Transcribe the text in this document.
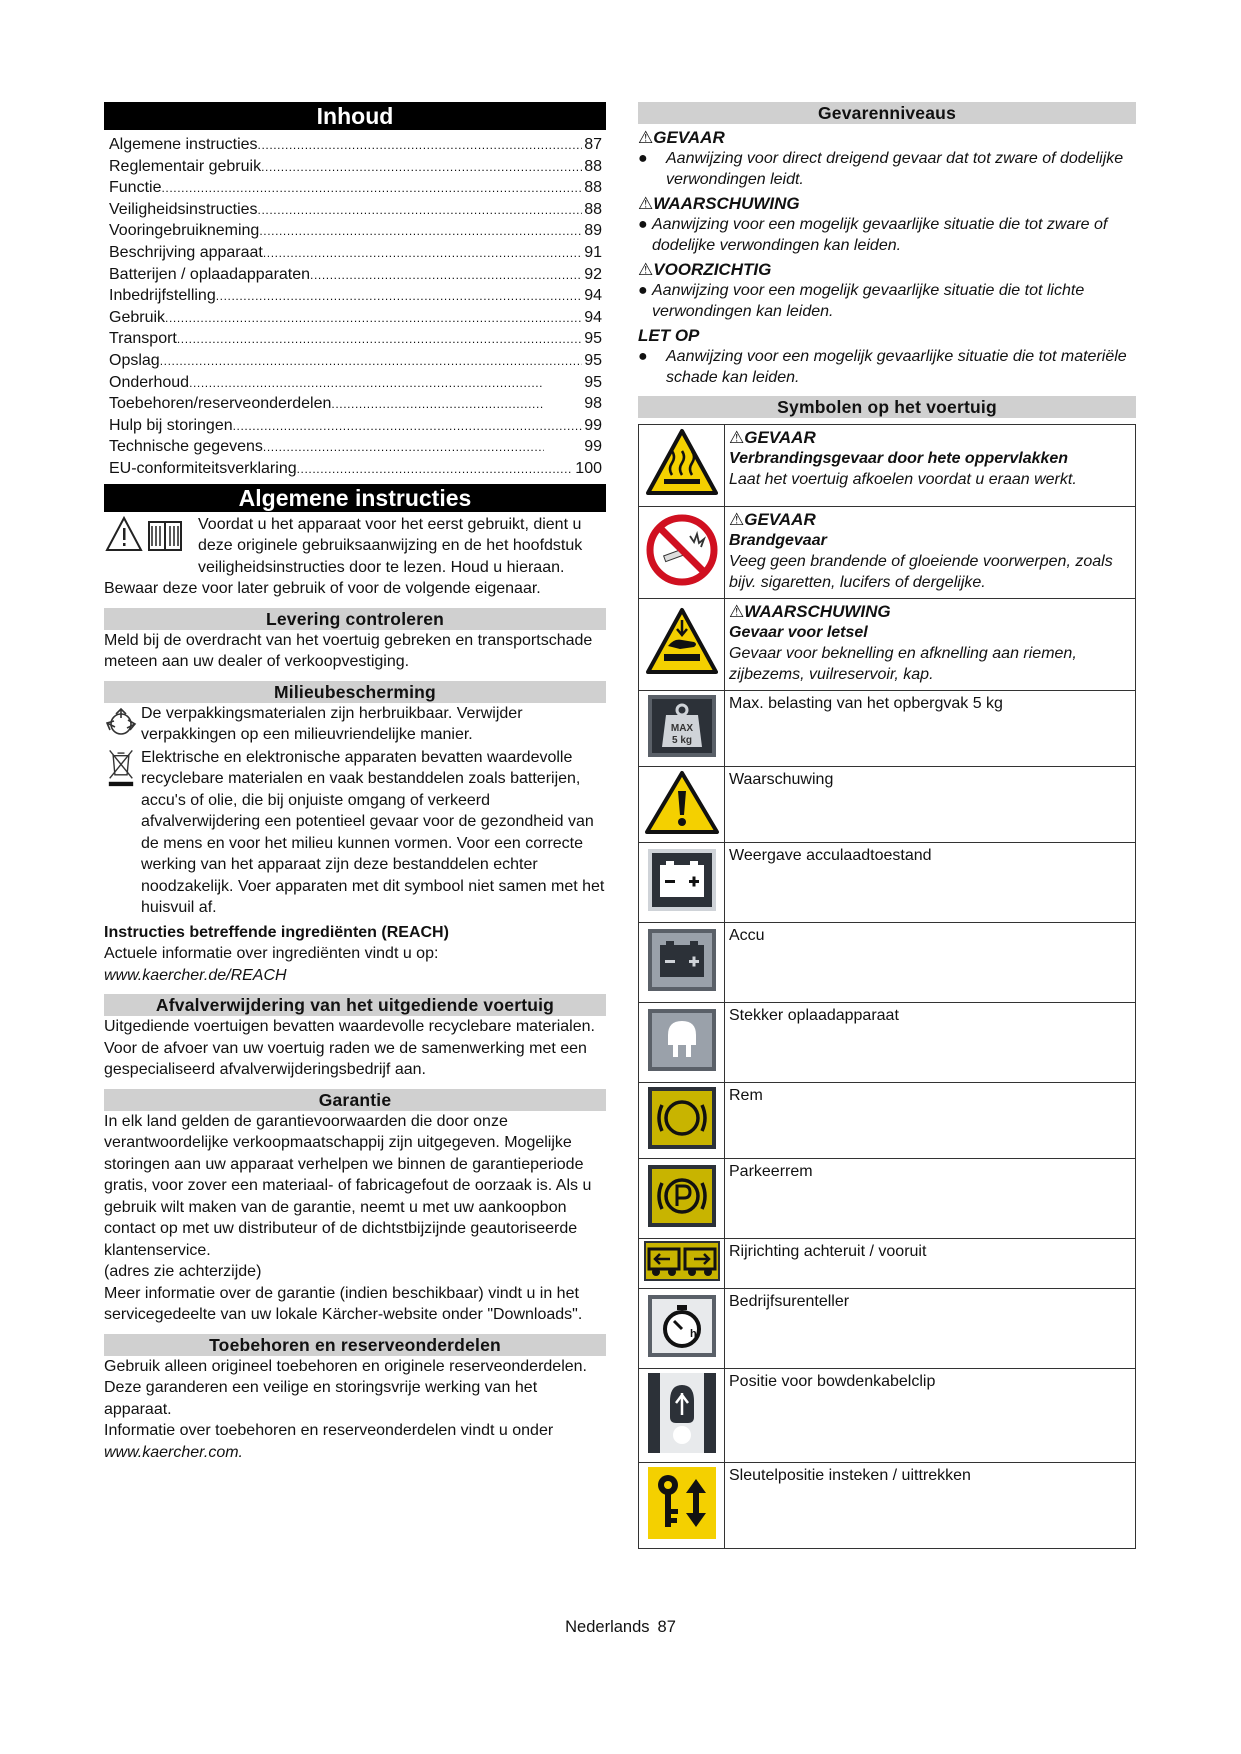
Inhoud
Algemene instructies .....	87
Reglementair gebruik .....	88
Functie .....	88
Veiligheidsinstructies .....	88
Vooringebruikneming .....	89
Beschrijving apparaat .....	91
Batterijen / oplaadapparaten .....	92
Inbedrijfstelling .....	94
Gebruik .....	94
Transport .....	95
Opslag .....	95
Onderhoud .....	95
Toebehoren/reserveonderdelen .....	98
Hulp bij storingen .....	99
Technische gegevens .....	99
EU-conformiteitsverklaring .....	100
Algemene instructies
Voordat u het apparaat voor het eerst gebruikt, dient u deze originele gebruiksaanwijzing en de het hoofdstuk veiligheidsinstructies door te lezen. Houd u hieraan.

Bewaar deze voor later gebruik of voor de volgende eigenaar.

Levering controleren

Meld bij de overdracht van het voertuig gebreken en transportschade meteen aan uw dealer of verkoopvestiging.

Milieubescherming
De verpakkingsmaterialen zijn herbruikbaar. Verwijder verpakkingen op een milieuvriendelijke manier.
Elektrische en elektronische apparaten bevatten waardevolle recyclebare materialen en vaak bestanddelen zoals batterijen, accu's of olie, die bij onjuiste omgang of verkeerd afvalverwijdering een potentieel gevaar voor de gezondheid van de mens en voor het milieu kunnen vormen. Voor een correcte werking van het apparaat zijn deze bestanddelen echter noodzakelijk. Voer apparaten met dit symbool niet samen met het huisvuil af.

Instructies betreffende ingrediënten (REACH)

Actuele informatie over ingrediënten vindt u op: www.kaercher.de/REACH

Afvalverwijdering van het uitgediende voertuig

Uitgediende voertuigen bevatten waardevolle recyclebare materialen. Voor de afvoer van uw voertuig raden we de samenwerking met een gespecialiseerd afvalverwijderingsbedrijf aan.

Garantie

In elk land gelden de garantievoorwaarden die door onze verantwoordelijke verkoopmaatschappij zijn uitgegeven. Mogelijke storingen aan uw apparaat verhelpen we binnen de garantieperiode gratis, voor zover een materiaal- of fabricagefout de oorzaak is. Als u gebruik wilt maken van de garantie, neemt u met uw aankoopbon contact op met uw distributeur of de dichtstbijzijnde geautoriseerde klantenservice.

(adres zie achterzijde)

Meer informatie over de garantie (indien beschikbaar) vindt u in het servicegedeelte van uw lokale Kärcher-website onder "Downloads".

Toebehoren en reserveonderdelen

Gebruik alleen origineel toebehoren en originele reserveonderdelen. Deze garanderen een veilige en storingsvrije werking van het apparaat.

Informatie over toebehoren en reserveonderdelen vindt u onder www.kaercher.com.

Gevarenniveaus
⚠GEVAAR
● Aanwijzing voor direct dreigend gevaar dat tot zware of dodelijke verwondingen leidt.
⚠WAARSCHUWING
● Aanwijzing voor een mogelijk gevaarlijke situatie die tot zware of dodelijke verwondingen kan leiden.
⚠VOORZICHTIG
● Aanwijzing voor een mogelijk gevaarlijke situatie die tot lichte verwondingen kan leiden.
LET OP
● Aanwijzing voor een mogelijk gevaarlijke situatie die tot materiële schade kan leiden.
Symbolen op het voertuig

⚠GEVAAR
Verbrandingsgevaar door hete oppervlakken
Laat het voertuig afkoelen voordat u eraan werkt.

⚠GEVAAR
Brandgevaar
Veeg geen brandende of gloeiende voorwerpen, zoals bijv. sigaretten, lucifers of dergelijke.

⚠WAARSCHUWING
Gevaar voor letsel
Gevaar voor beknelling en afknelling aan riemen, zijbezems, vuilreservoir, kap.

MAX
5 kg	Max. belasting van het opbergvak 5 kg
	Waarschuwing
	Weergave acculaadtoestand
	Accu
	Stekker oplaadapparaat
	Rem
	Parkeerrem
	Rijrichting achteruit / vooruit

h	Bedrijfsurenteller
	Positie voor bowdenkabelclip
	Sleutelpositie insteken / uittrekken
Nederlands 87
